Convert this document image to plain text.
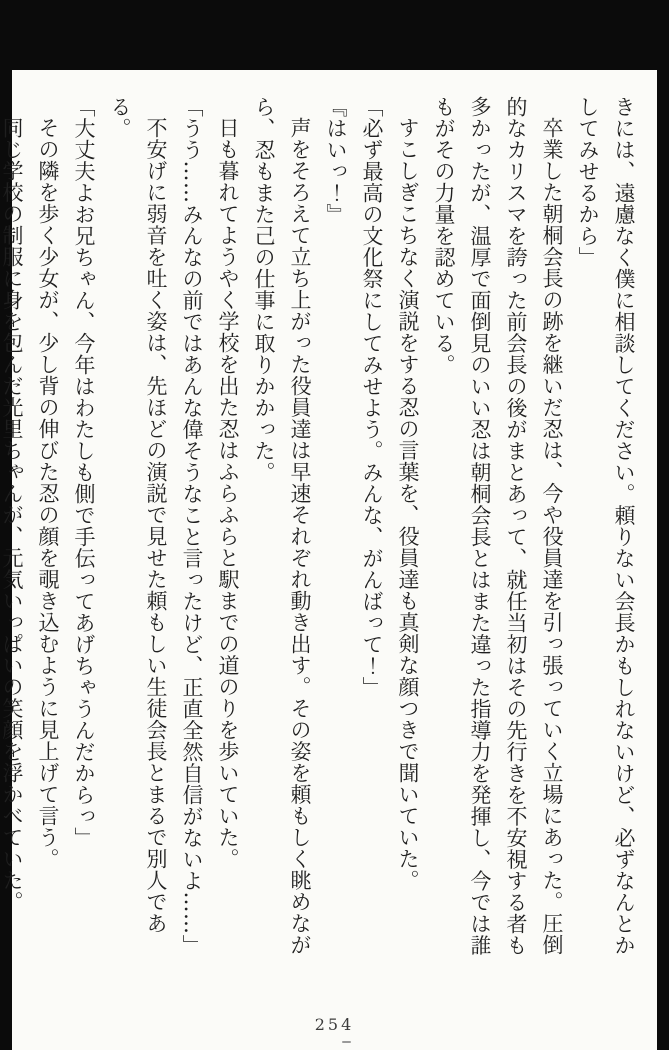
きには、遠慮なく僕に相談してください。頼りない会長かもしれないけど、必ずなんとかしてみせるから」

卒業した朝桐会長の跡を継いだ忍は、今や役員達を引っ張っていく立場にあった。圧倒的なカリスマを誇った前会長の後がまとあって、就任当初はその先行きを不安視する者も多かったが、温厚で面倒見のいい忍は朝桐会長とはまた違った指導力を発揮し、今では誰もがその力量を認めている。

すこしぎこちなく演説をする忍の言葉を、役員達も真剣な顔つきで聞いていた。

「必ず最高の文化祭にしてみせよう。みんな、がんばって！」

『はいっ！』

声をそろえて立ち上がった役員達は早速それぞれ動き出す。その姿を頼もしく眺めながら、忍もまた己の仕事に取りかかった。

日も暮れてようやく学校を出た忍はふらふらと駅までの道のりを歩いていた。

「うう……みんなの前ではあんな偉そうなこと言ったけど、正直全然自信がないよ……」

不安げに弱音を吐く姿は、先ほどの演説で見せた頼もしい生徒会長とまるで別人である。

「大丈夫よお兄ちゃん、今年はわたしも側で手伝ってあげちゃうんだからっ」

その隣を歩く少女が、少し背の伸びた忍の顔を覗き込むように見上げて言う。

同じ学校の制服に身を包んだ光里ちゃんが、元気いっぱいの笑顔を浮かべていた。

254
